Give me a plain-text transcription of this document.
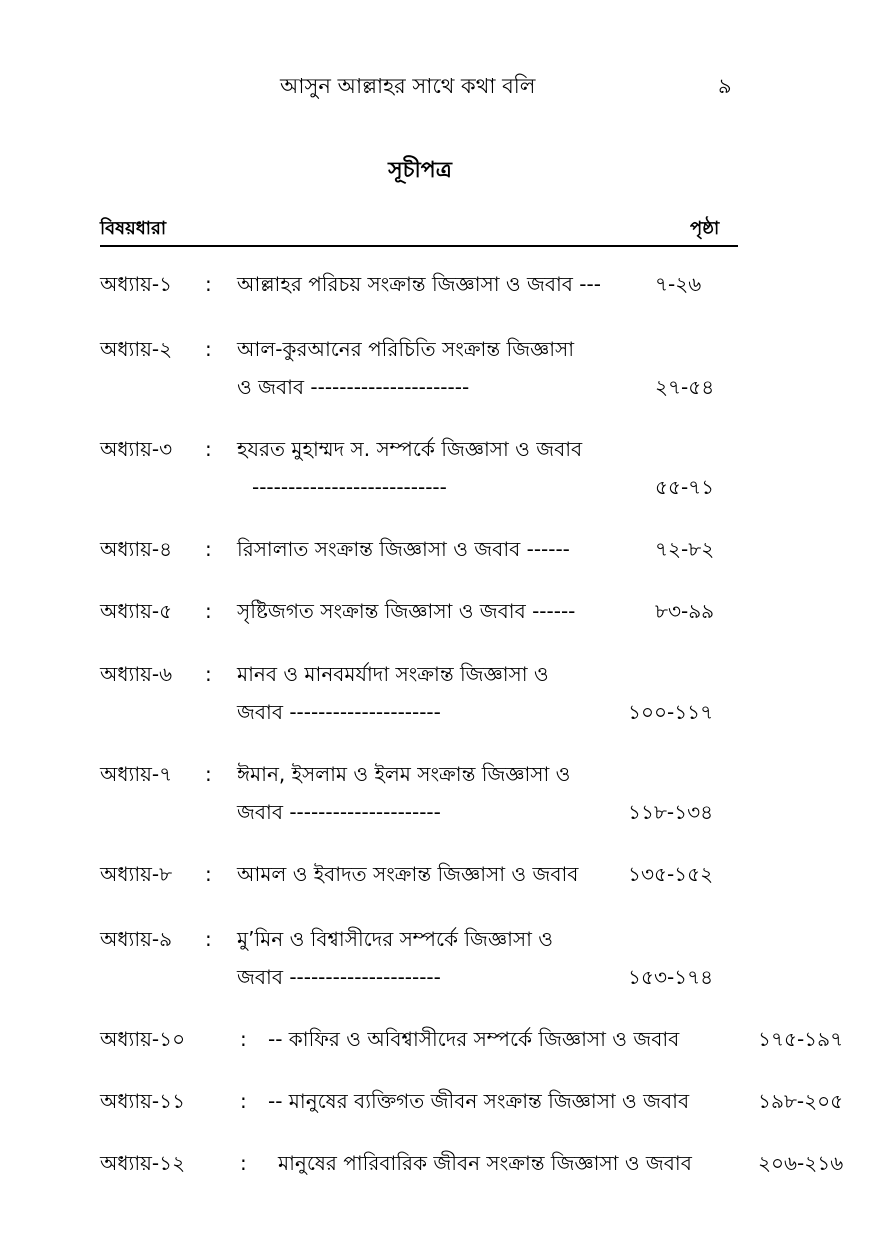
আসুন আল্লাহর সাথে কথা বলি	৯
সূচীপত্র
বিষয়ধারা	পৃষ্ঠা
অধ্যায়-১ : আল্লাহর পরিচয় সংক্রান্ত জিজ্ঞাসা ও জবাব ---	৭-২৬
অধ্যায়-২ : আল-কুরআনের পরিচিতি সংক্রান্ত জিজ্ঞাসা
ও জবাব ----------------------	২৭-৫৪
অধ্যায়-৩ : হযরত মুহাম্মদ স. সম্পর্কে জিজ্ঞাসা ও জবাব
---------------------------	৫৫-৭১
অধ্যায়-৪ : রিসালাত সংক্রান্ত জিজ্ঞাসা ও জবাব ------	৭২-৮২
অধ্যায়-৫ : সৃষ্টিজগত সংক্রান্ত জিজ্ঞাসা ও জবাব ------	৮৩-৯৯
অধ্যায়-৬ : মানব ও মানবমর্যাদা সংক্রান্ত জিজ্ঞাসা ও
জবাব ---------------------	১০০-১১৭
অধ্যায়-৭ : ঈমান, ইসলাম ও ইলম সংক্রান্ত জিজ্ঞাসা ও
জবাব ---------------------	১১৮-১৩৪
অধ্যায়-৮ : আমল ও ইবাদত সংক্রান্ত জিজ্ঞাসা ও জবাব ১৩৫-১৫২
অধ্যায়-৯ : মু’মিন ও বিশ্বাসীদের সম্পর্কে জিজ্ঞাসা ও
জবাব ---------------------	১৫৩-১৭৪
অধ্যায়-১০	: -- কাফির ও অবিশ্বাসীদের সম্পর্কে জিজ্ঞাসা ও জবাব	১৭৫-১৯৭
অধ্যায়-১১	: -- মানুষের ব্যক্তিগত জীবন সংক্রান্ত জিজ্ঞাসা ও জবাব	১৯৮-২০৫
অধ্যায়-১২	: মানুষের পারিবারিক জীবন সংক্রান্ত জিজ্ঞাসা ও জবাব	২০৬-২১৬
